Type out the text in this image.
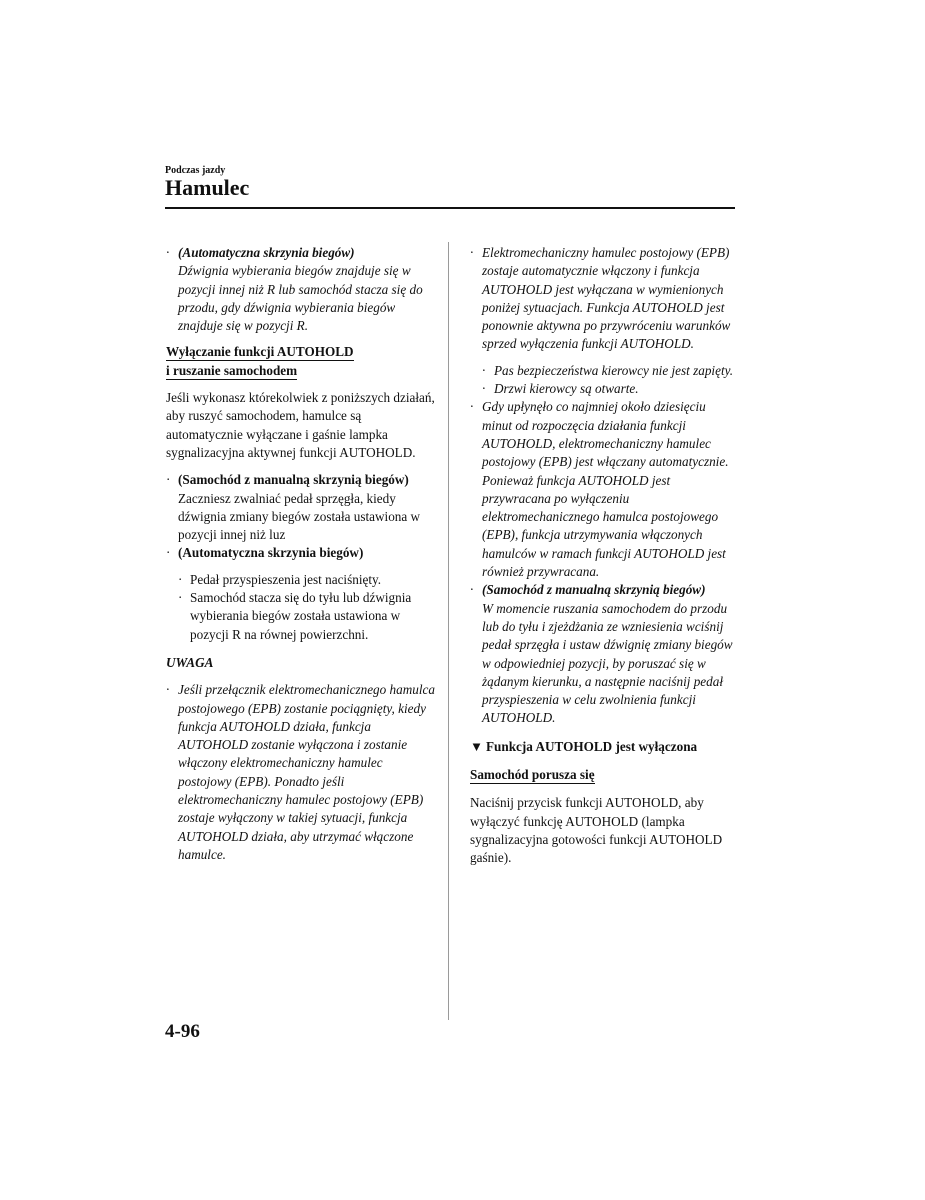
Podczas jazdy
Hamulec
· (Automatyczna skrzynia biegów)
Dźwignia wybierania biegów znajduje się w pozycji innej niż R lub samochód stacza się do przodu, gdy dźwignia wybierania biegów znajduje się w pozycji R.
Wyłączanie funkcji AUTOHOLD
i ruszanie samochodem

Jeśli wykonasz którekolwiek z poniższych działań, aby ruszyć samochodem, hamulce są automatycznie wyłączane i gaśnie lampka sygnalizacyjna aktywnej funkcji AUTOHOLD.

· (Samochód z manualną skrzynią biegów)
Zaczniesz zwalniać pedał sprzęgła, kiedy dźwignia zmiany biegów została ustawiona w pozycji innej niż luz
· (Automatyczna skrzynia biegów)
· Pedał przyspieszenia jest naciśnięty.
· Samochód stacza się do tyłu lub dźwignia wybierania biegów została ustawiona w pozycji R na równej powierzchni.
UWAGA
· Jeśli przełącznik elektromechanicznego hamulca postojowego (EPB) zostanie pociągnięty, kiedy funkcja AUTOHOLD działa, funkcja AUTOHOLD zostanie wyłączona i zostanie włączony elektromechaniczny hamulec postojowy (EPB). Ponadto jeśli elektromechaniczny hamulec postojowy (EPB) zostaje wyłączony w takiej sytuacji, funkcja AUTOHOLD działa, aby utrzymać włączone hamulce.
· Elektromechaniczny hamulec postojowy (EPB) zostaje automatycznie włączony i funkcja AUTOHOLD jest wyłączana w wymienionych poniżej sytuacjach. Funkcja AUTOHOLD jest ponownie aktywna po przywróceniu warunków sprzed wyłączenia funkcji AUTOHOLD.
· Pas bezpieczeństwa kierowcy nie jest zapięty.
· Drzwi kierowcy są otwarte.
· Gdy upłynęło co najmniej około dziesięciu minut od rozpoczęcia działania funkcji AUTOHOLD, elektromechaniczny hamulec postojowy (EPB) jest włączany automatycznie. Ponieważ funkcja AUTOHOLD jest przywracana po wyłączeniu elektromechanicznego hamulca postojowego (EPB), funkcja utrzymywania włączonych hamulców w ramach funkcji AUTOHOLD jest również przywracana.
· (Samochód z manualną skrzynią biegów)
W momencie ruszania samochodem do przodu lub do tyłu i zjeżdżania ze wzniesienia wciśnij pedał sprzęgła i ustaw dźwignię zmiany biegów w odpowiedniej pozycji, by poruszać się w żądanym kierunku, a następnie naciśnij pedał przyspieszenia w celu zwolnienia funkcji AUTOHOLD.
▼ Funkcja AUTOHOLD jest wyłączona
Samochód porusza się

Naciśnij przycisk funkcji AUTOHOLD, aby wyłączyć funkcję AUTOHOLD (lampka sygnalizacyjna gotowości funkcji AUTOHOLD gaśnie).

4-96
